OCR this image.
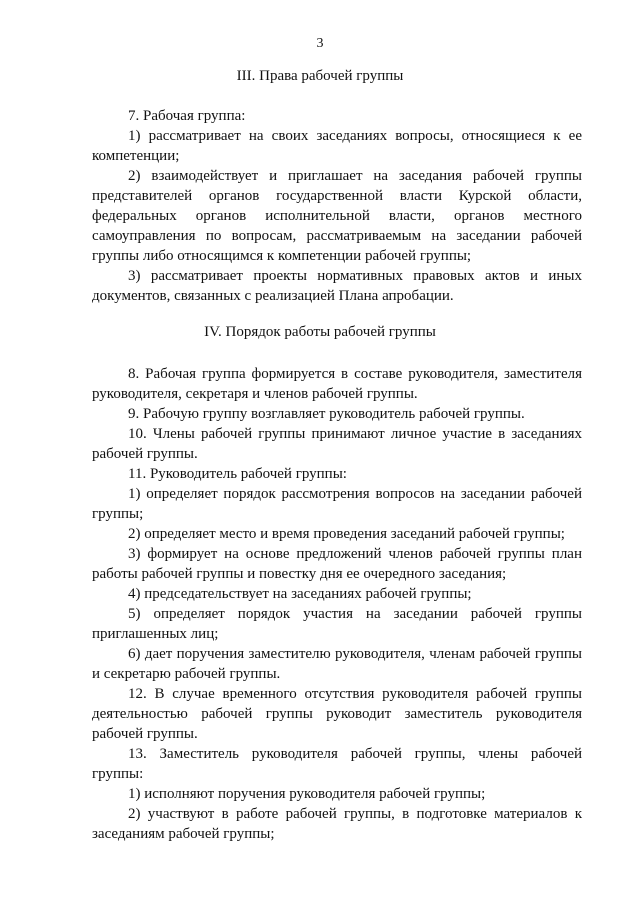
3
III. Права рабочей группы

7. Рабочая группа:

1) рассматривает на своих заседаниях вопросы, относящиеся к ее компетенции;

2) взаимодействует и приглашает на заседания рабочей группы представителей органов государственной власти Курской области, федеральных органов исполнительной власти, органов местного самоуправления по вопросам, рассматриваемым на заседании рабочей группы либо относящимся к компетенции рабочей группы;

3) рассматривает проекты нормативных правовых актов и иных документов, связанных с реализацией Плана апробации.

IV. Порядок работы рабочей группы

8. Рабочая группа формируется в составе руководителя, заместителя руководителя, секретаря и членов рабочей группы.

9. Рабочую группу возглавляет руководитель рабочей группы.

10. Члены рабочей группы принимают личное участие в заседаниях рабочей группы.

11. Руководитель рабочей группы:

1) определяет порядок рассмотрения вопросов на заседании рабочей группы;

2) определяет место и время проведения заседаний рабочей группы;

3) формирует на основе предложений членов рабочей группы план работы рабочей группы и повестку дня ее очередного заседания;

4) председательствует на заседаниях рабочей группы;

5) определяет порядок участия на заседании рабочей группы приглашенных лиц;

6) дает поручения заместителю руководителя, членам рабочей группы и секретарю рабочей группы.

12. В случае временного отсутствия руководителя рабочей группы деятельностью рабочей группы руководит заместитель руководителя рабочей группы.

13. Заместитель руководителя рабочей группы, члены рабочей группы:

1) исполняют поручения руководителя рабочей группы;

2) участвуют в работе рабочей группы, в подготовке материалов к заседаниям рабочей группы;
